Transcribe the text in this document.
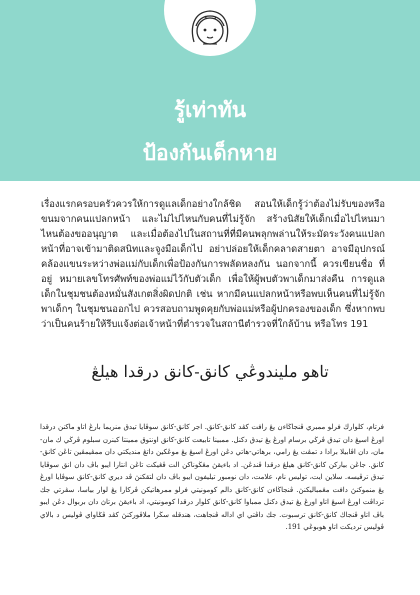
รู้เท่าทัน
ป้องกันเด็กหาย
เรื่องแรกครอบครัวควรให้การดูแลเด็กอย่างใกล้ชิด สอนให้เด็กรู้ว่าต้องไม่รับของหรือขนมจากคนแปลกหน้า และไม่ไปไหนกับคนที่ไม่รู้จัก สร้างนิสัยให้เด็กเมื่อไปไหนมาไหนต้องขออนุญาต และเมื่อต้องไปในสถานที่ที่มีคนพลุกพล่านให้ระมัดระวังคนแปลกหน้าที่อาจเข้ามาติดสนิทและจูงมือเด็กไป อย่าปล่อยให้เด็กคลาดสายตา อาจมีอุปกรณ์คล้องแขนระหว่างพ่อแม่กับเด็กเพื่อป้องกันการพลัดหลงกัน นอกจากนี้ ควรเขียนชื่อ ที่อยู่ หมายเลขโทรศัพท์ของพ่อแม่ไว้กับตัวเด็ก เพื่อให้ผู้พบตัวพาเด็กมาส่งคืน การดูแลเด็กในชุมชนต้องหมั่นสังเกตสิ่งผิดปกติ เช่น หากมีคนแปลกหน้าหรือพบเห็นคนที่ไม่รู้จักพาเด็กๆ ในชุมชนออกไป ควรสอบถามพูดคุยกับพ่อแม่หรือผู้ปกครองของเด็ก ซึ่งหากพบว่าเป็นคนร้ายให้รีบแจ้งต่อเจ้าหน้าที่ตำรวจในสถานีตำรวจที่ใกล้บ้าน หรือโทร 191
تاهو ملیندوڠي كانق-كانق درقدا هيلڠ
فرتام، كلوارڬ فرلو ممبري ڤنجاڬاءن يڠ رافت كڤد كانق-كانق. اجر كانق-كانق سوڤايا تيدق منريما بارڠ اتاو ماكنن درقدا اورڠ اسيڠ دان تيدق ڤرڬي برسام اورڠ يڠ تيدق دكنل. ممبينا تابيعت كانق-كانق اونتوق ممينتا كبنرن سبلوم ڤرڬي ك مان-مان، دان اڤابيلا برادا د تمڤت يڠ رامي، برهاتي-هاتي دڠن اورڠ اسيڠ يڠ موڠكين داتڠ منديكتي دان ممڤيمڤين تاڠن كانق-كانق. جاڠن بيارکن کانق-کانق هيلڠ درقدا ڤندڠن. اد باءيقڽ مڠڬوناكن الت ڤڠيكت تاڠن انتارا ايبو باڤ دان انق سوڤايا تيدق ترڤيسه. سلاين ايت، توليس نام، علامت، دان نومبور تيليفون ايبو باڤ دان لتقكنڽ ڤد ديري كانق-كانق سوڤايا اورڠ يڠ منموكنڽ دافت مڠمباليكنڽ. ڤنجاڬاءن كانق-كانق دالم كومونيتي فرلو ممرهاتيكن ڤركارا يڠ لوار بياسا، سڤرتي جك ترداڤت اورڠ اسيڠ اتاو اورڠ يڠ تيدق دكنل ممباوا كانق-كانق كلوار درقدا كومونيتي، اد باءيقڽ برتاڽ دان بربوال دڠن ايبو باڤ اتاو ڤنجاڬ كانق-كانق ترسبوت. جك داڤتي اي اداله ڤنجاهت، هندقله سڬرا ملاڤوركنڽ كڤد ڤݢاواي ڤوليس د بالاي ڤوليس ترديكت اتاو هوبوڠي 191.
